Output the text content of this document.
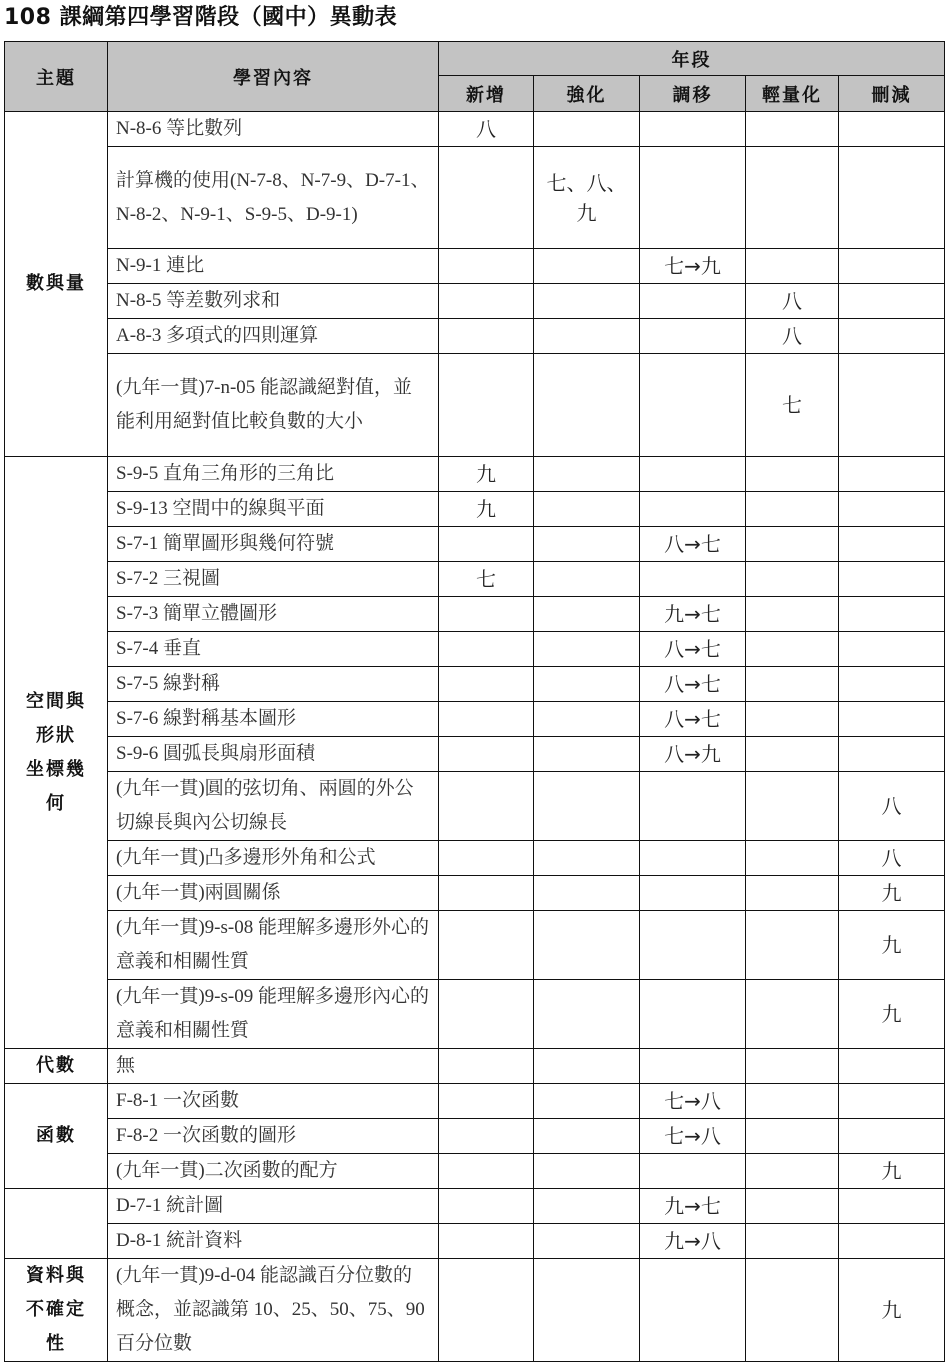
108 課綱第四學習階段（國中）異動表
主題	學習內容	年段				
		新增	強化	調移	輕量化	刪減
數與量	N-8-6 等比數列	八				
	計算機的使用(N-7-8、N-7-9、D-7-1、N-8-2、N-9-1、S-9-5、D-9-1)		七、八、九			
	N-9-1 連比			七→九		
	N-8-5 等差數列求和				八	
	A-8-3 多項式的四則運算				八	
	(九年一貫)7-n-05 能認識絕對值，並能利用絕對值比較負數的大小				七	
空間與
形狀
坐標幾
何	S-9-5 直角三角形的三角比	九				
	S-9-13 空間中的線與平面	九				
	S-7-1 簡單圖形與幾何符號			八→七		
	S-7-2 三視圖	七				
	S-7-3 簡單立體圖形			九→七		
	S-7-4 垂直			八→七		
	S-7-5 線對稱			八→七		
	S-7-6 線對稱基本圖形			八→七		
	S-9-6 圓弧長與扇形面積			八→九		
	(九年一貫)圓的弦切角、兩圓的外公切線長與內公切線長					八
	(九年一貫)凸多邊形外角和公式					八
	(九年一貫)兩圓關係					九
	(九年一貫)9-s-08 能理解多邊形外心的意義和相關性質					九
	(九年一貫)9-s-09 能理解多邊形內心的意義和相關性質					九
代數	無					
函數	F-8-1 一次函數			七→八		
	F-8-2 一次函數的圖形			七→八		
	(九年一貫)二次函數的配方					九
	D-7-1 統計圖			九→七		
	D-8-1 統計資料			九→八		
資料與
不確定
性	(九年一貫)9-d-04 能認識百分位數的概念，並認識第 10、25、50、75、90 百分位數					九
